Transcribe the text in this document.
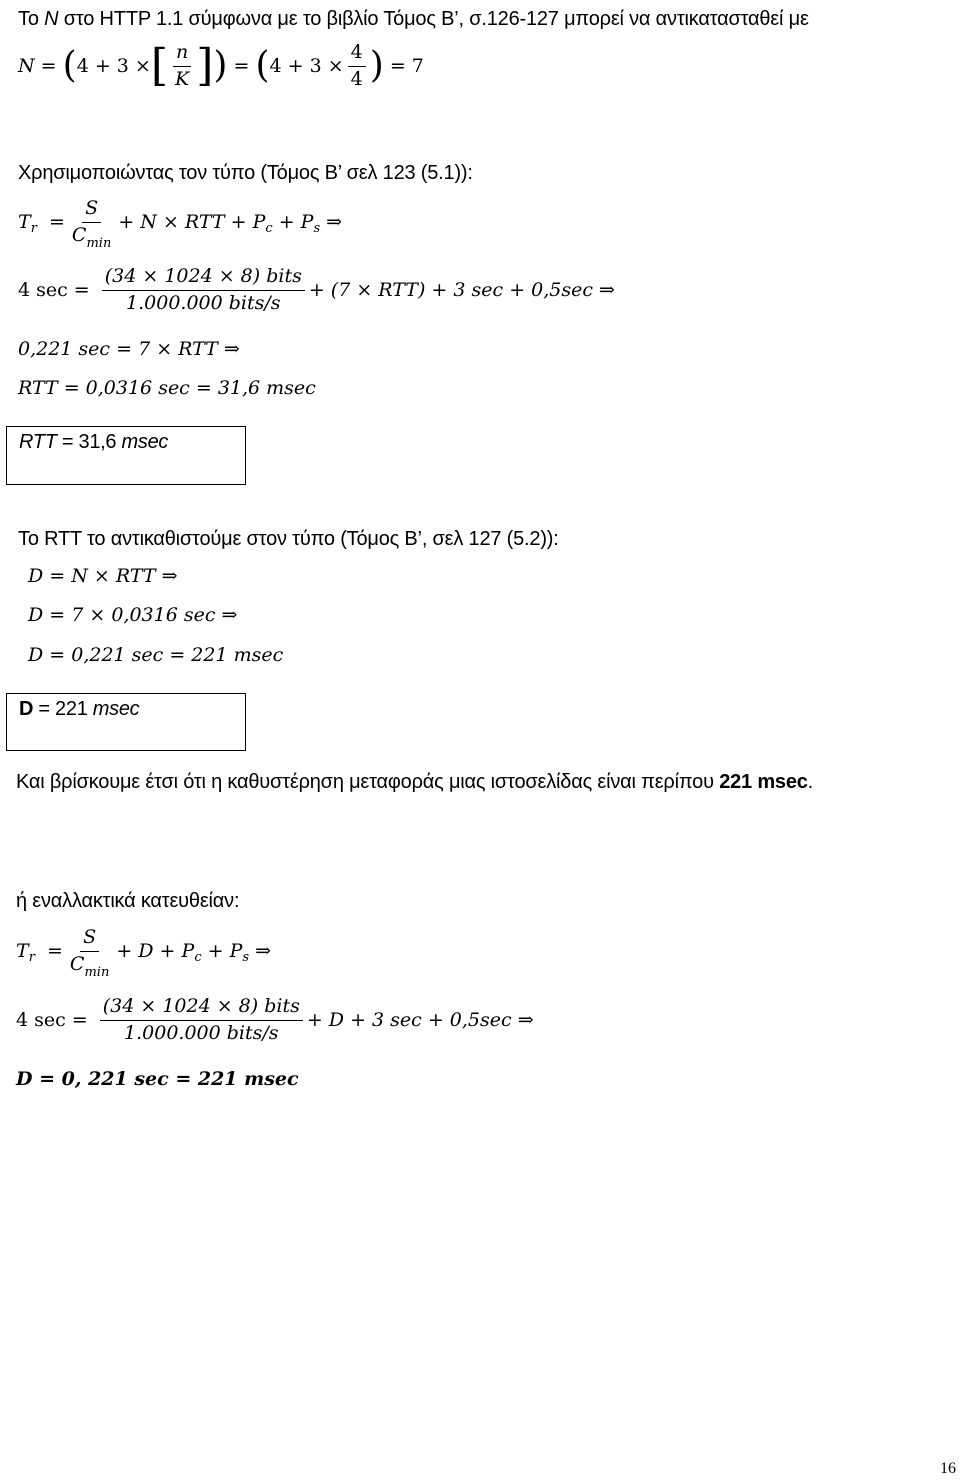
Το N στο HTTP 1.1 σύμφωνα με το βιβλίο Τόμος Β’, σ.126-127 μπορεί να αντικατασταθεί με
N =
( 4 + 3 × [ $\frac{n}{K}$ ] )
=
( $4 + 3 \times \frac{4}{4}$ )
= 7
Χρησιμοποιώντας τον τύπο (Τόμος Β’ σελ 123 (5.1)):
T r
= $\frac{S}{C_{min}} + N$ × RTT + P c
+ P s
⇒
4 $\sec = \frac{\text{(34 × 1024 × 8) bits}}{\text{1.000.000 bits/s}} + (7 \times RTT) + 3$ sec + 0,5sec ⇒
0,221 sec = 7 × RTT ⇒
RTT = 0,0316 sec = 31,6 msec
RTT = 31,6 msec
Το RTT το αντικαθιστούμε στον τύπο (Τόμος Β’, σελ 127 (5.2)):
D = N × RTT ⇒
D = 7 × 0,0316 sec ⇒
D = 0,221 sec = 221 msec
D = 221 msec
Και βρίσκουμε έτσι ότι η καθυστέρηση μεταφοράς μιας ιστοσελίδας είναι περίπου 221 msec.
ή εναλλακτικά κατευθείαν:
T r
= $\frac{S}{C_{min}} + D + P$ c
+ P s
⇒
4 $\sec = \frac{\text{(34 × 1024 × 8) bits}}{\text{1.000.000 bits/s}} + D + 3$ sec + 0,5sec ⇒
D = 0, 221 sec = 221 msec
16
